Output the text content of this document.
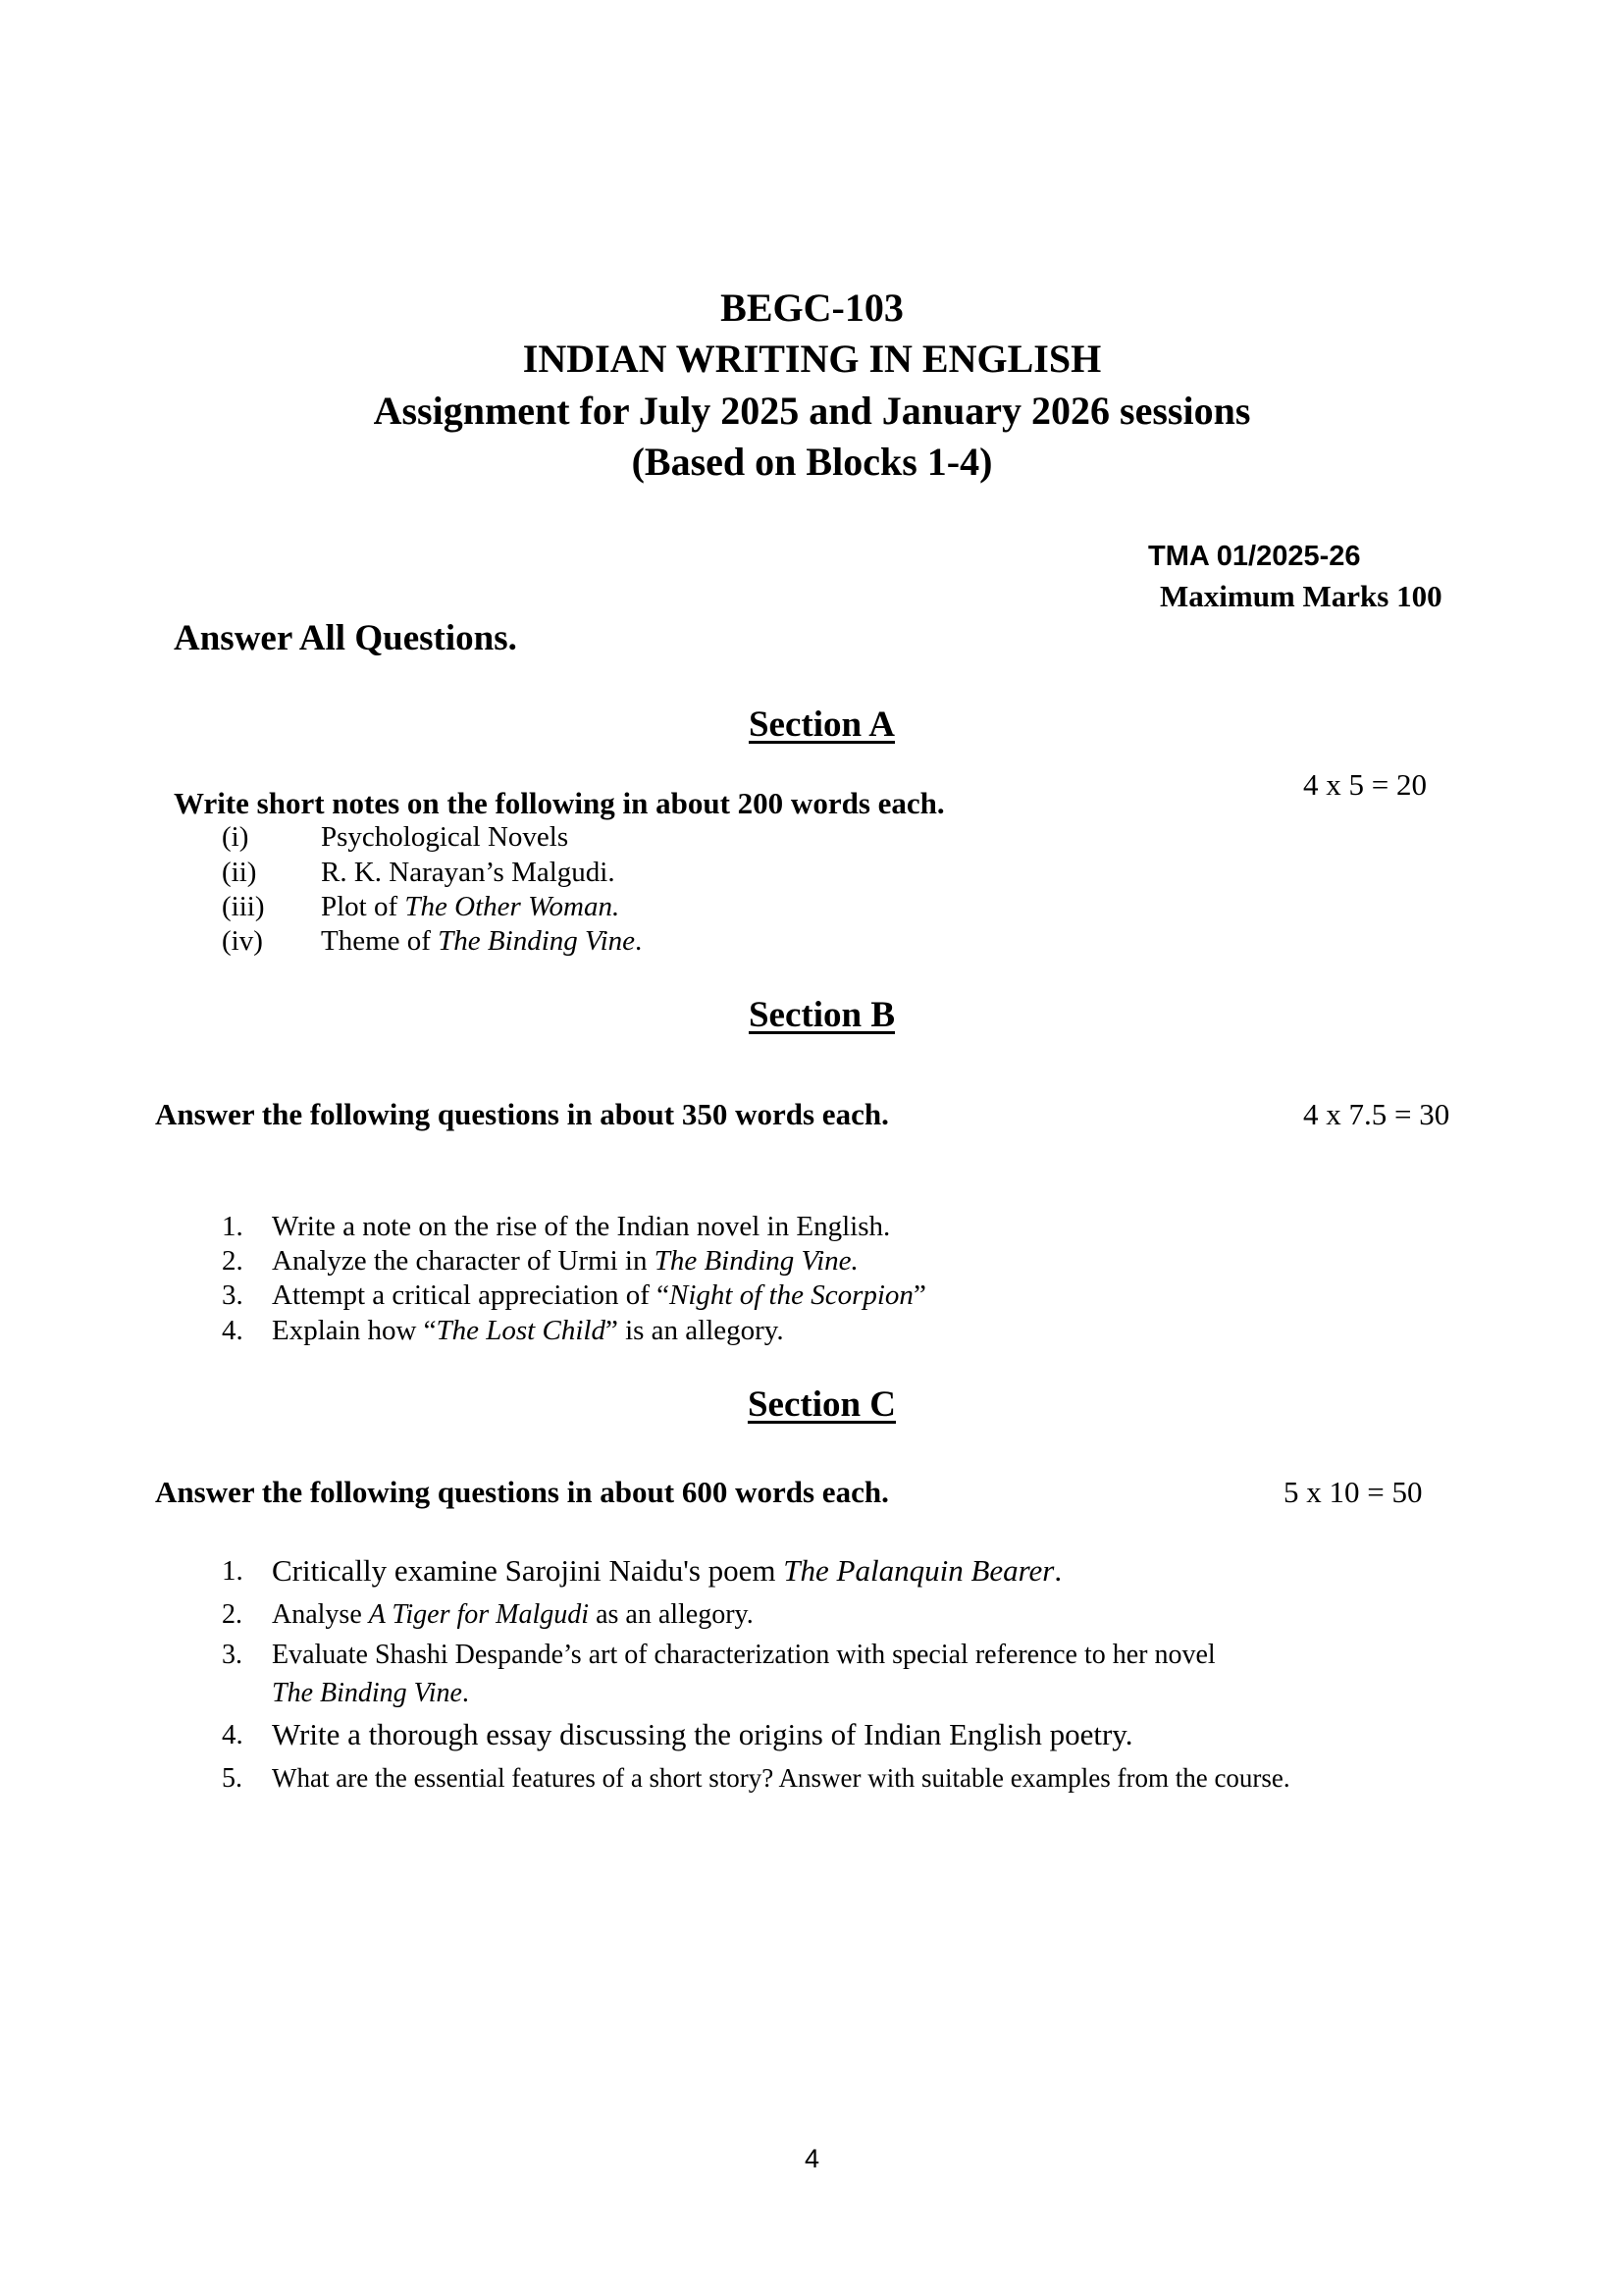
BEGC-103
INDIAN WRITING IN ENGLISH
Assignment for July 2025 and January 2026 sessions
(Based on Blocks 1-4)
TMA 01/2025-26
Maximum Marks 100
Answer All Questions.
Section A
4 x 5 = 20
Write short notes on the following in about 200 words each.
(i)	Psychological Novels
(ii) R. K. Narayan’s Malgudi.
(iii) Plot of The Other Woman.
(iv) Theme of The Binding Vine.
Section B
Answer the following questions in about 350 words each.	4 x 7.5 = 30
1. Write a note on the rise of the Indian novel in English.
2. Analyze the character of Urmi in The Binding Vine.
3. Attempt a critical appreciation of “Night of the Scorpion”
4. Explain how “The Lost Child” is an allegory.
Section C
Answer the following questions in about 600 words each.	5 x 10 = 50
1. Critically examine Sarojini Naidu's poem The Palanquin Bearer.
2. Analyse A Tiger for Malgudi as an allegory.
3. Evaluate Shashi Despande’s art of characterization with special reference to her novel
The Binding Vine.
4. Write a thorough essay discussing the origins of Indian English poetry.
5. What are the essential features of a short story? Answer with suitable examples from the course.
4
